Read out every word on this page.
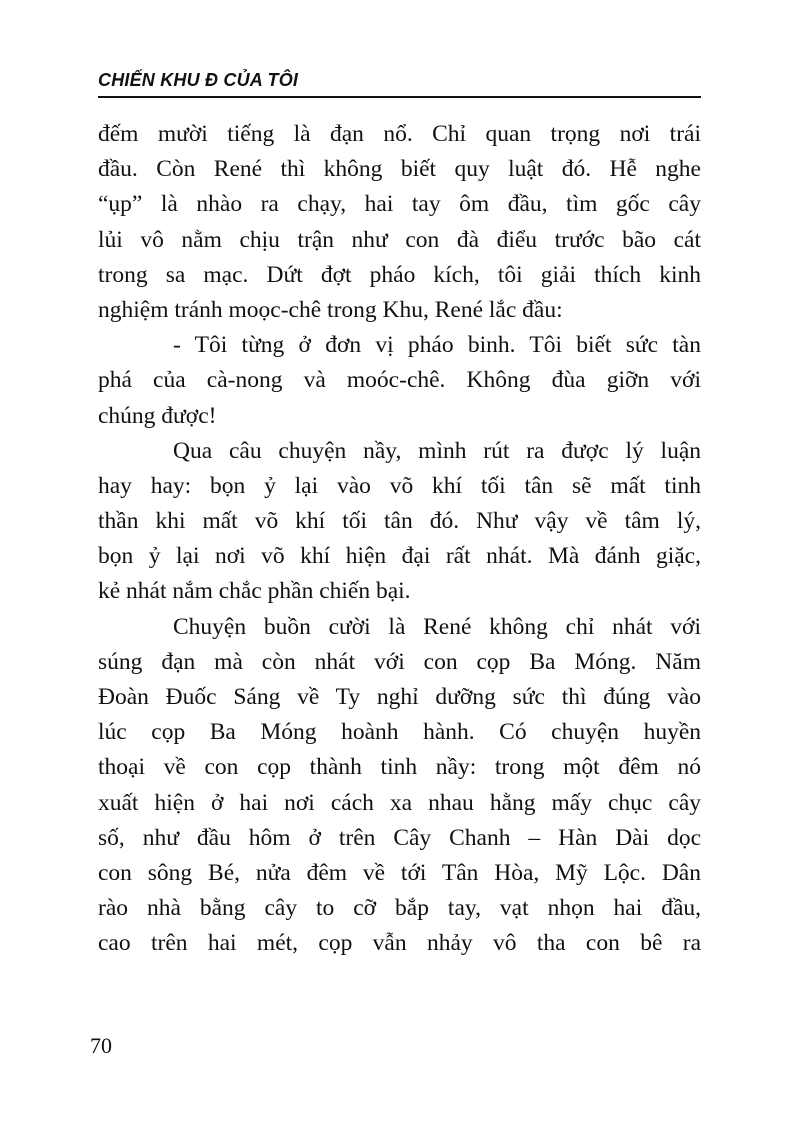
CHIẾN KHU Đ CỦA TÔI
đếm mười tiếng là đạn nổ. Chỉ quan trọng nơi trái
đầu. Còn René thì không biết quy luật đó. Hễ nghe
“ụp” là nhào ra chạy, hai tay ôm đầu, tìm gốc cây
lủi vô nằm chịu trận như con đà điểu trước bão cát
trong sa mạc. Dứt đợt pháo kích, tôi giải thích kinh
nghiệm tránh moọc-chê trong Khu, René lắc đầu:
- Tôi từng ở đơn vị pháo binh. Tôi biết sức tàn
phá của cà-nong và moóc-chê. Không đùa giỡn với
chúng được!
Qua câu chuyện nầy, mình rút ra được lý luận
hay hay: bọn ỷ lại vào võ khí tối tân sẽ mất tinh
thần khi mất võ khí tối tân đó. Như vậy về tâm lý,
bọn ỷ lại nơi võ khí hiện đại rất nhát. Mà đánh giặc,
kẻ nhát nắm chắc phần chiến bại.
Chuyện buồn cười là René không chỉ nhát với
súng đạn mà còn nhát với con cọp Ba Móng. Năm
Đoàn Đuốc Sáng về Ty nghỉ dưỡng sức thì đúng vào
lúc cọp Ba Móng hoành hành. Có chuyện huyền
thoại về con cọp thành tinh nầy: trong một đêm nó
xuất hiện ở hai nơi cách xa nhau hằng mấy chục cây
số, như đầu hôm ở trên Cây Chanh – Hàn Dài dọc
con sông Bé, nửa đêm về tới Tân Hòa, Mỹ Lộc. Dân
rào nhà bằng cây to cỡ bắp tay, vạt nhọn hai đầu,
cao trên hai mét, cọp vẫn nhảy vô tha con bê ra
70
